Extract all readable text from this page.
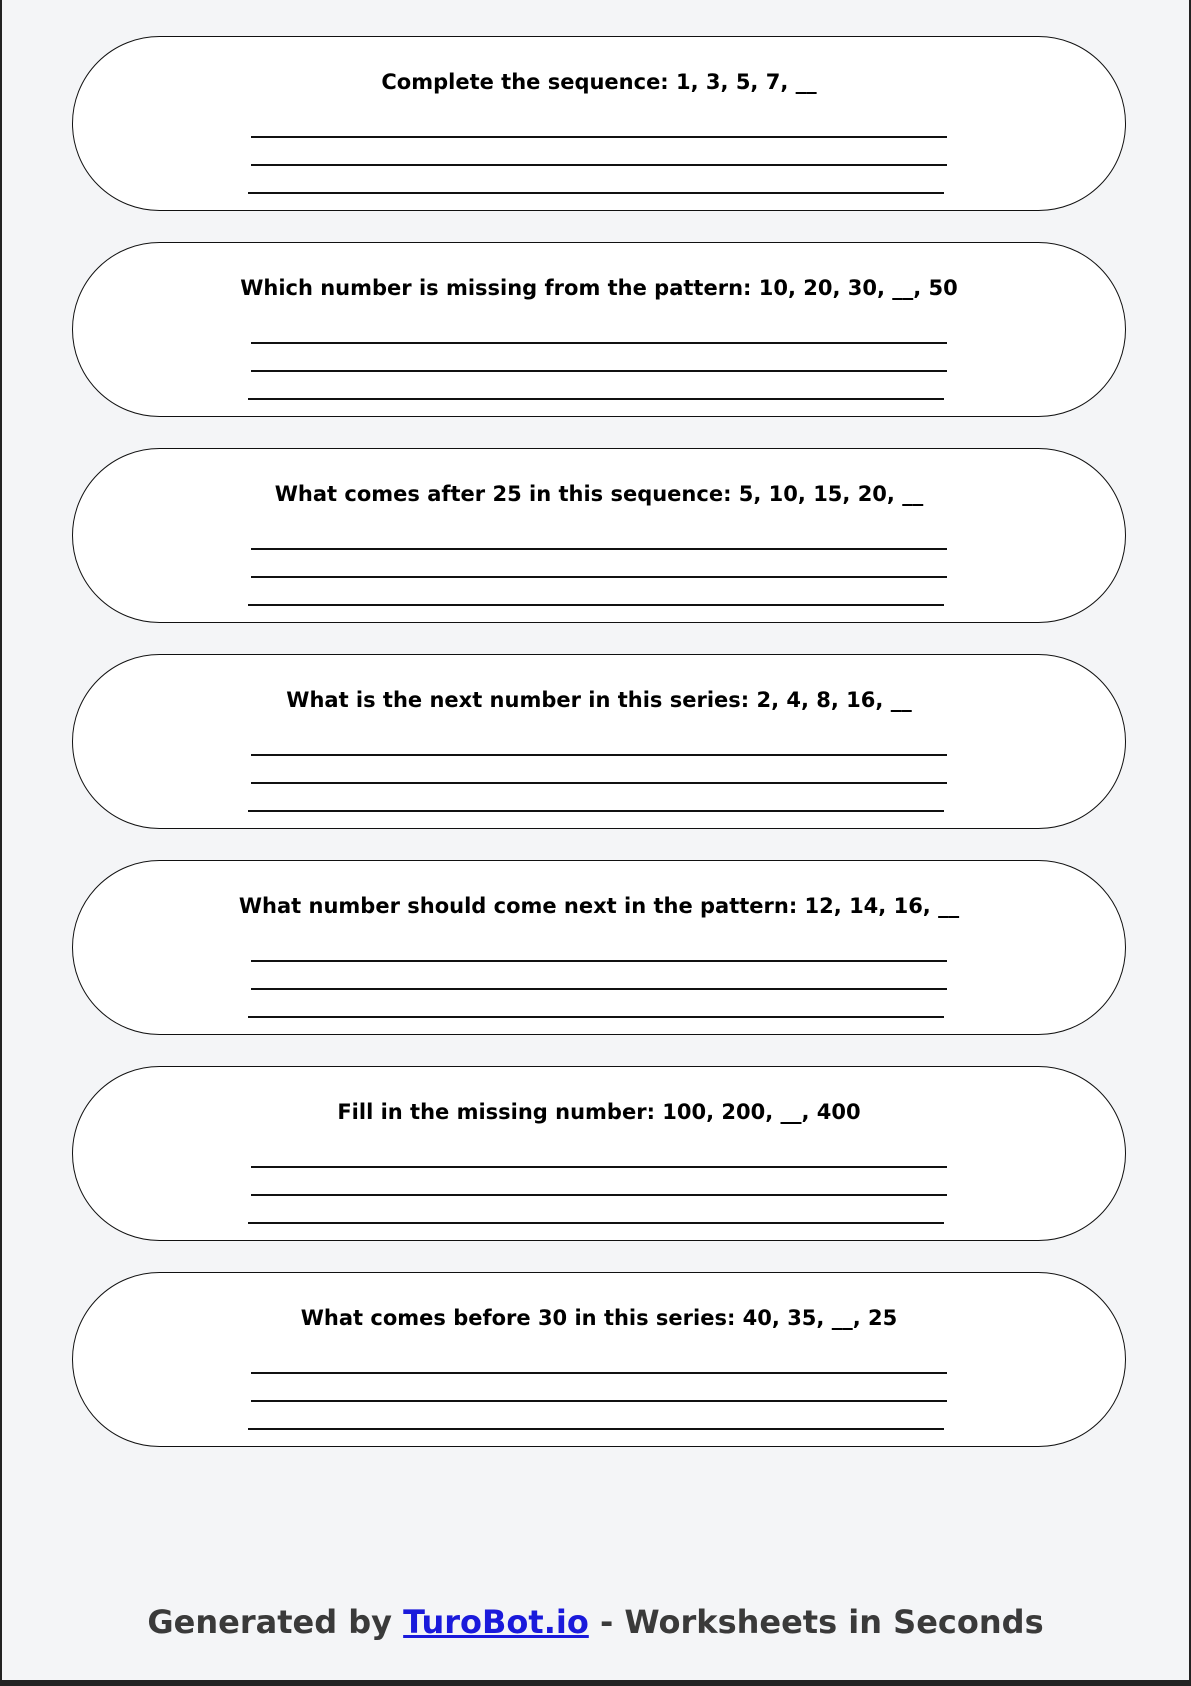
Complete the sequence: 1, 3, 5, 7, __
Which number is missing from the pattern: 10, 20, 30, __, 50
What comes after 25 in this sequence: 5, 10, 15, 20, __
What is the next number in this series: 2, 4, 8, 16, __
What number should come next in the pattern: 12, 14, 16, __
Fill in the missing number: 100, 200, __, 400
What comes before 30 in this series: 40, 35, __, 25
Generated by TuroBot.io - Worksheets in Seconds
